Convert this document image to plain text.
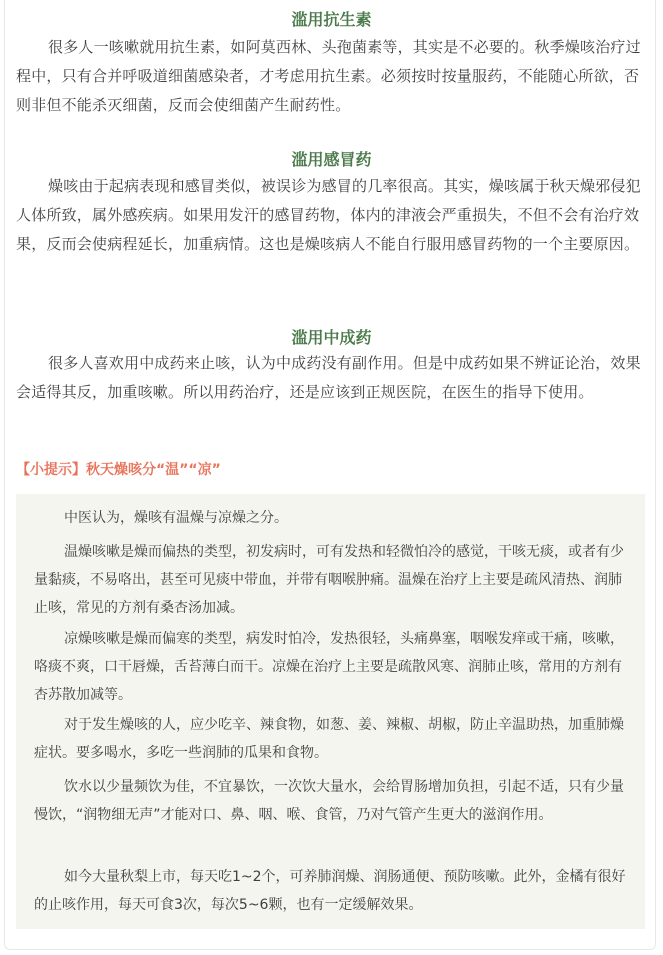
滥用抗生素

很多人一咳嗽就用抗生素，如阿莫西林、头孢菌素等，其实是不必要的。秋季燥咳治疗过程中，只有合并呼吸道细菌感染者，才考虑用抗生素。必须按时按量服药，不能随心所欲，否则非但不能杀灭细菌，反而会使细菌产生耐药性。

滥用感冒药

燥咳由于起病表现和感冒类似，被误诊为感冒的几率很高。其实，燥咳属于秋天燥邪侵犯人体所致，属外感疾病。如果用发汗的感冒药物，体内的津液会严重损失，不但不会有治疗效果，反而会使病程延长，加重病情。这也是燥咳病人不能自行服用感冒药物的一个主要原因。

滥用中成药

很多人喜欢用中成药来止咳，认为中成药没有副作用。但是中成药如果不辨证论治，效果会适得其反，加重咳嗽。所以用药治疗，还是应该到正规医院，在医生的指导下使用。

【小提示】秋天燥咳分“温”“凉”

中医认为，燥咳有温燥与凉燥之分。

温燥咳嗽是燥而偏热的类型，初发病时，可有发热和轻微怕冷的感觉，干咳无痰，或者有少量黏痰，不易咯出，甚至可见痰中带血，并带有咽喉肿痛。温燥在治疗上主要是疏风清热、润肺止咳，常见的方剂有桑杏汤加减。

凉燥咳嗽是燥而偏寒的类型，病发时怕冷，发热很轻，头痛鼻塞，咽喉发痒或干痛，咳嗽，咯痰不爽，口干唇燥，舌苔薄白而干。凉燥在治疗上主要是疏散风寒、润肺止咳，常用的方剂有杏苏散加减等。

对于发生燥咳的人，应少吃辛、辣食物，如葱、姜、辣椒、胡椒，防止辛温助热，加重肺燥症状。要多喝水，多吃一些润肺的瓜果和食物。

饮水以少量频饮为佳，不宜暴饮，一次饮大量水，会给胃肠增加负担，引起不适，只有少量慢饮，“润物细无声”才能对口、鼻、咽、喉、食管，乃对气管产生更大的滋润作用。

如今大量秋梨上市，每天吃1~2个，可养肺润燥、润肠通便、预防咳嗽。此外，金橘有很好的止咳作用，每天可食3次，每次5~6颗，也有一定缓解效果。
